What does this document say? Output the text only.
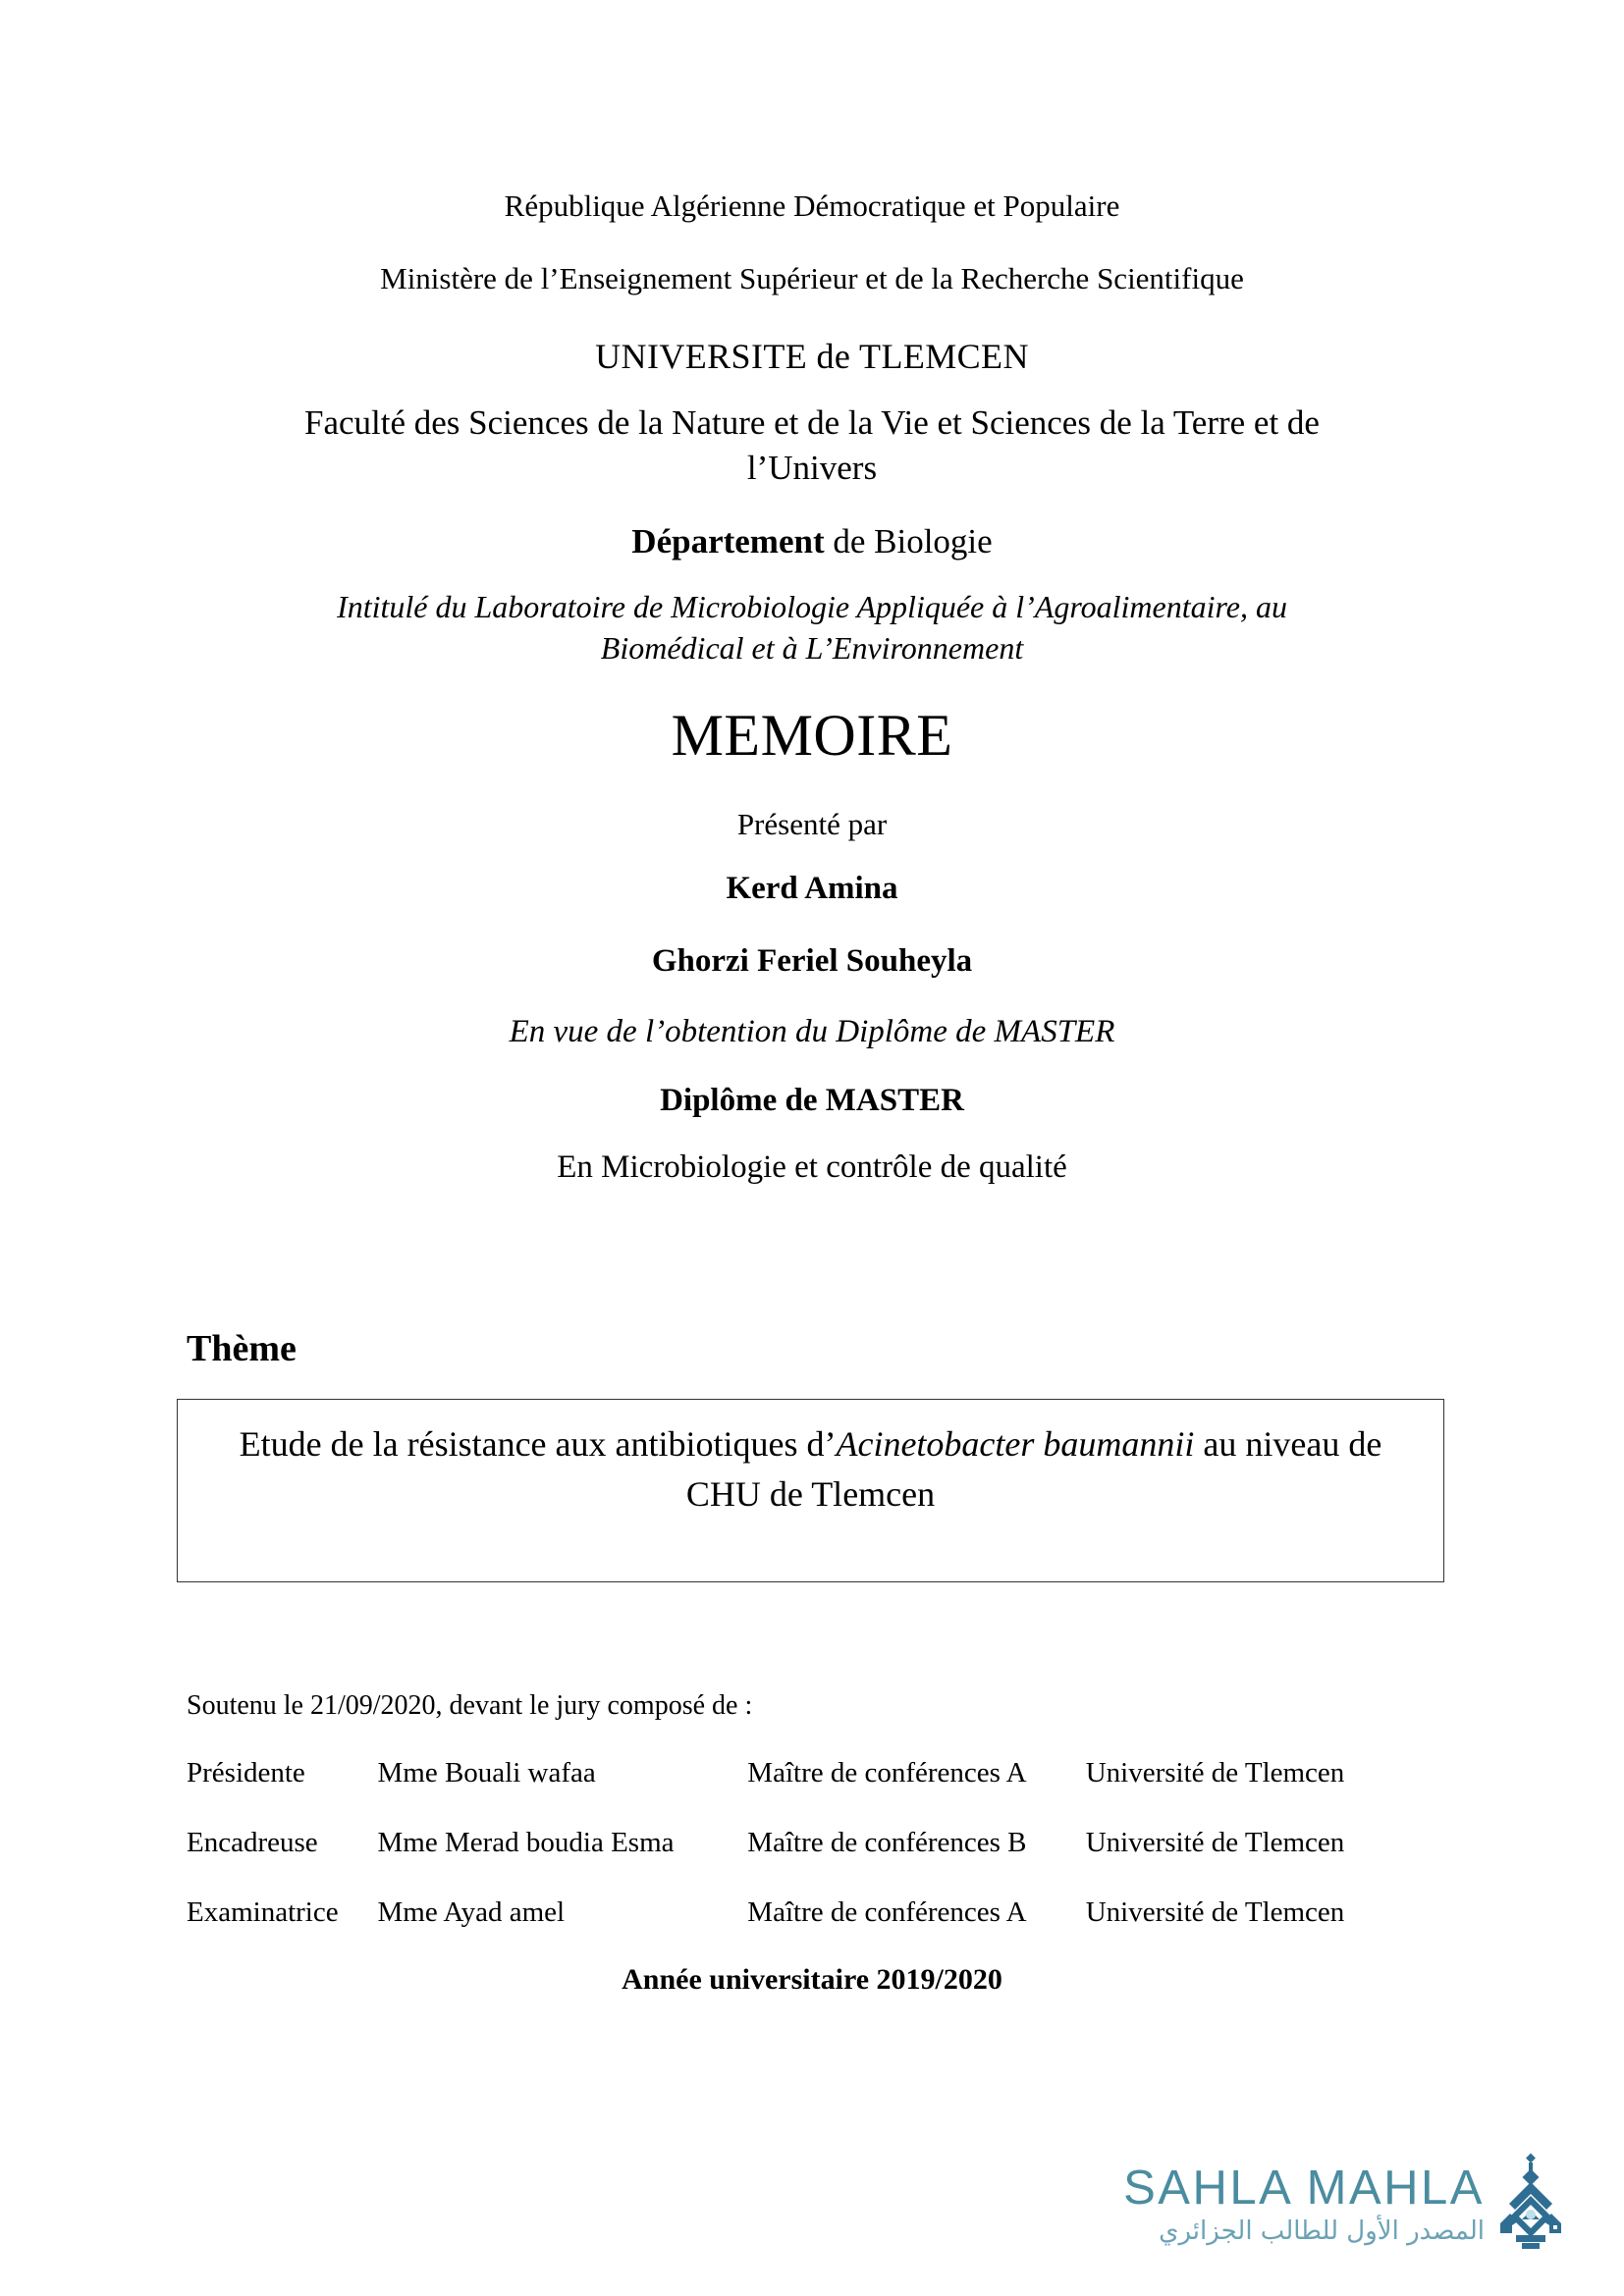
République Algérienne Démocratique et Populaire
Ministère de l’Enseignement Supérieur et de la Recherche Scientifique
UNIVERSITE de TLEMCEN
Faculté des Sciences de la Nature et de la Vie et Sciences de la Terre et de l’Univers
Département de Biologie
Intitulé du Laboratoire de Microbiologie Appliquée à l’Agroalimentaire, au Biomédical et à L’Environnement
MEMOIRE
Présenté par
Kerd Amina
Ghorzi Feriel Souheyla
En vue de l’obtention du Diplôme de MASTER
Diplôme de MASTER
En Microbiologie et contrôle de qualité
Thème
Etude de la résistance aux antibiotiques d’Acinetobacter baumannii au niveau de CHU de Tlemcen
Soutenu le 21/09/2020, devant le jury composé de :
Présidente	Mme Bouali wafaa	Maître de conférences A	Université de Tlemcen
Encadreuse	Mme Merad boudia Esma	Maître de conférences B	Université de Tlemcen
Examinatrice	Mme Ayad amel	Maître de conférences A	Université de Tlemcen
Année universitaire 2019/2020
SAHLA MAHLA
المصدر الأول للطالب الجزائري
